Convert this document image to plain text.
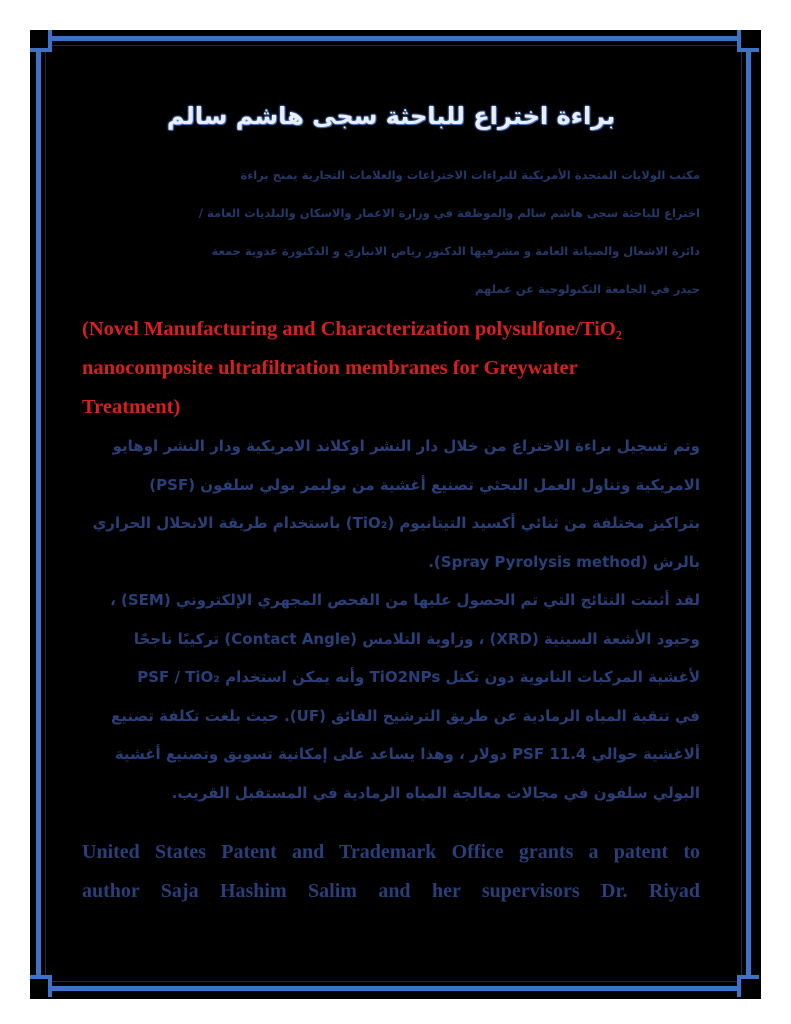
براءة اختراع للباحثة سجى هاشم سالم
مكتب الولايات المتحدة الأمريكية للبراءات الاختراعات والعلامات التجارية يمنح براءة
اختراع للباحثة سجى هاشم سالم والموظفة في وزارة الاعمار والاسكان والبلديات العامة /
دائرة الاشغال والصيانة العامة و مشرفيها الدكتور رياض الانباري و الدكتورة عدوية جمعة
حيدر في الجامعة التكنولوجية عن عملهم
(Novel Manufacturing and Characterization polysulfone/TiO₂
nanocomposite ultrafiltration membranes for Greywater
Treatment)
وتم تسجيل براءة الاختراع من خلال دار النشر اوكلاند الامريكية ودار النشر اوهايو
الامريكية وتناول العمل البحثي تصنيع أغشية من بوليمر بولي سلفون (PSF)
بتراكيز مختلفة من ثنائي أكسيد التيتانيوم (TiO₂) باستخدام طريقة الانحلال الحراري
بالرش (Spray Pyrolysis method).
لقد أثبتت النتائج التي تم الحصول عليها من الفحص المجهري الإلكتروني (SEM) ،
وحيود الأشعة السينية (XRD) ، وزاوية التلامس (Contact Angle) تركيبًا ناجحًا
لأغشية المركبات النانوية دون تكتل TiO2NPs وأنه يمكن استخدام PSF / TiO₂
في تنقية المياه الرمادية عن طريق الترشيح الفائق (UF). حيث بلغت تكلفة تصنيع
ألاغشية حوالي PSF 11.4 دولار ، وهذا يساعد على إمكانية تسويق وتصنيع أغشية
البولي سلفون في مجالات معالجة المياه الرمادية في المستقبل القريب.
United States Patent and Trademark Office grants a patent to
author Saja Hashim Salim and her supervisors Dr. Riyad
